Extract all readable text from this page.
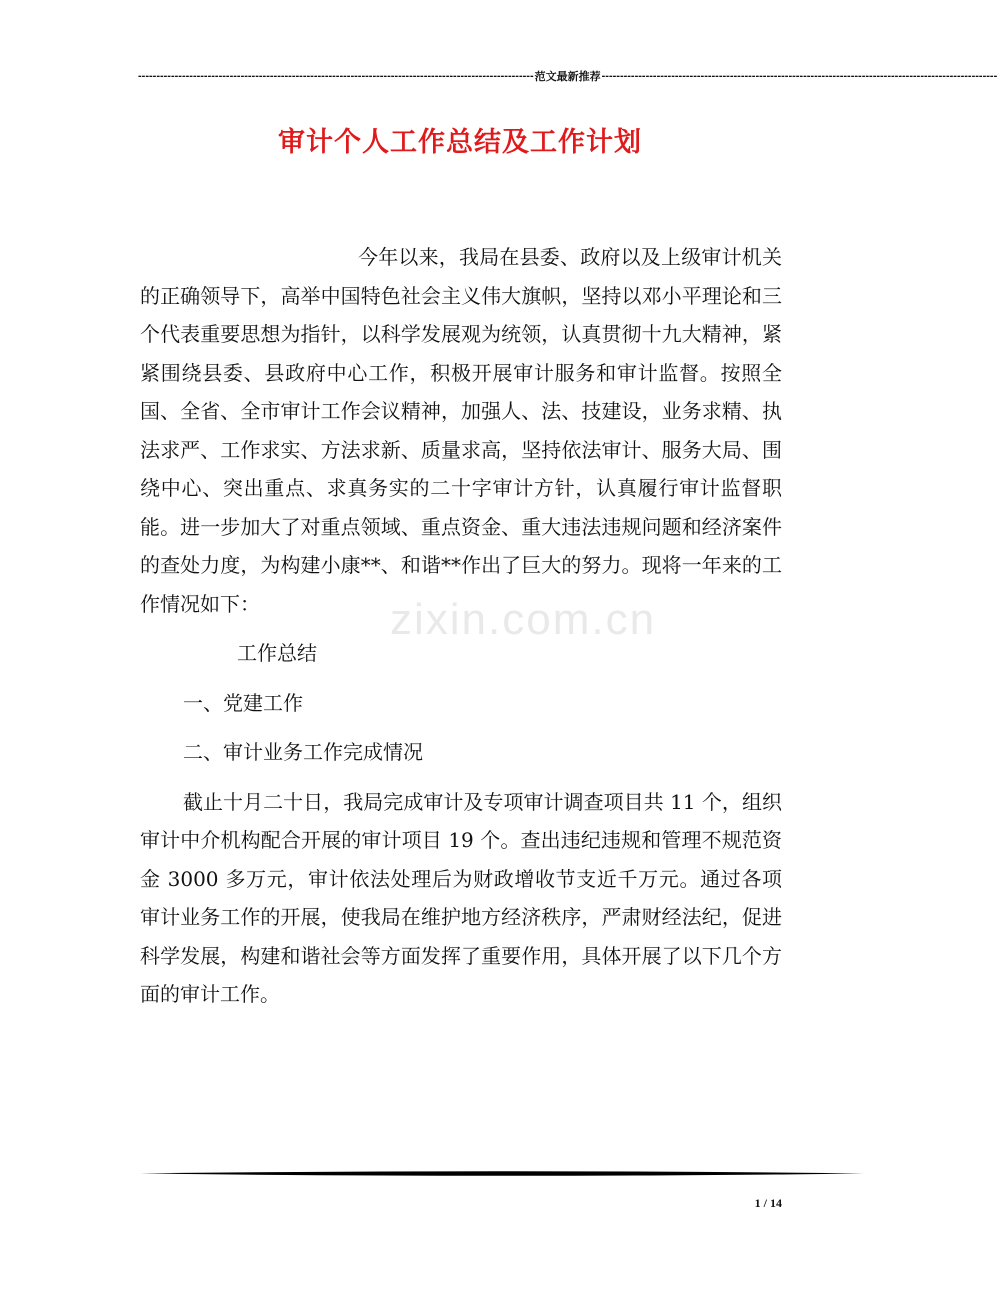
------------------------------------------------------------------------------------------------------------ 范文最新推荐 ------------------------------------------------------------------------------------------------------------
审计个人工作总结及工作计划
zixin.com.cn

今年以来，我局在县委、政府以及上级审计机关的正确领导下，高举中国特色社会主义伟大旗帜，坚持以邓小平理论和三个代表重要思想为指针，以科学发展观为统领，认真贯彻十九大精神，紧紧围绕县委、县政府中心工作，积极开展审计服务和审计监督。按照全国、全省、全市审计工作会议精神，加强人、法、技建设，业务求精、执法求严、工作求实、方法求新、质量求高，坚持依法审计、服务大局、围绕中心、突出重点、求真务实的二十字审计方针，认真履行审计监督职能。进一步加大了对重点领域、重点资金、重大违法违规问题和经济案件的查处力度，为构建小康**、和谐**作出了巨大的努力。现将一年来的工作情况如下：

工作总结

一、党建工作

二、审计业务工作完成情况

截止十月二十日，我局完成审计及专项审计调查项目共 11 个，组织审计中介机构配合开展的审计项目 19 个。查出违纪违规和管理不规范资金 3000 多万元，审计依法处理后为财政增收节支近千万元。通过各项审计业务工作的开展，使我局在维护地方经济秩序，严肃财经法纪，促进科学发展，构建和谐社会等方面发挥了重要作用，具体开展了以下几个方面的审计工作。

1 / 14
